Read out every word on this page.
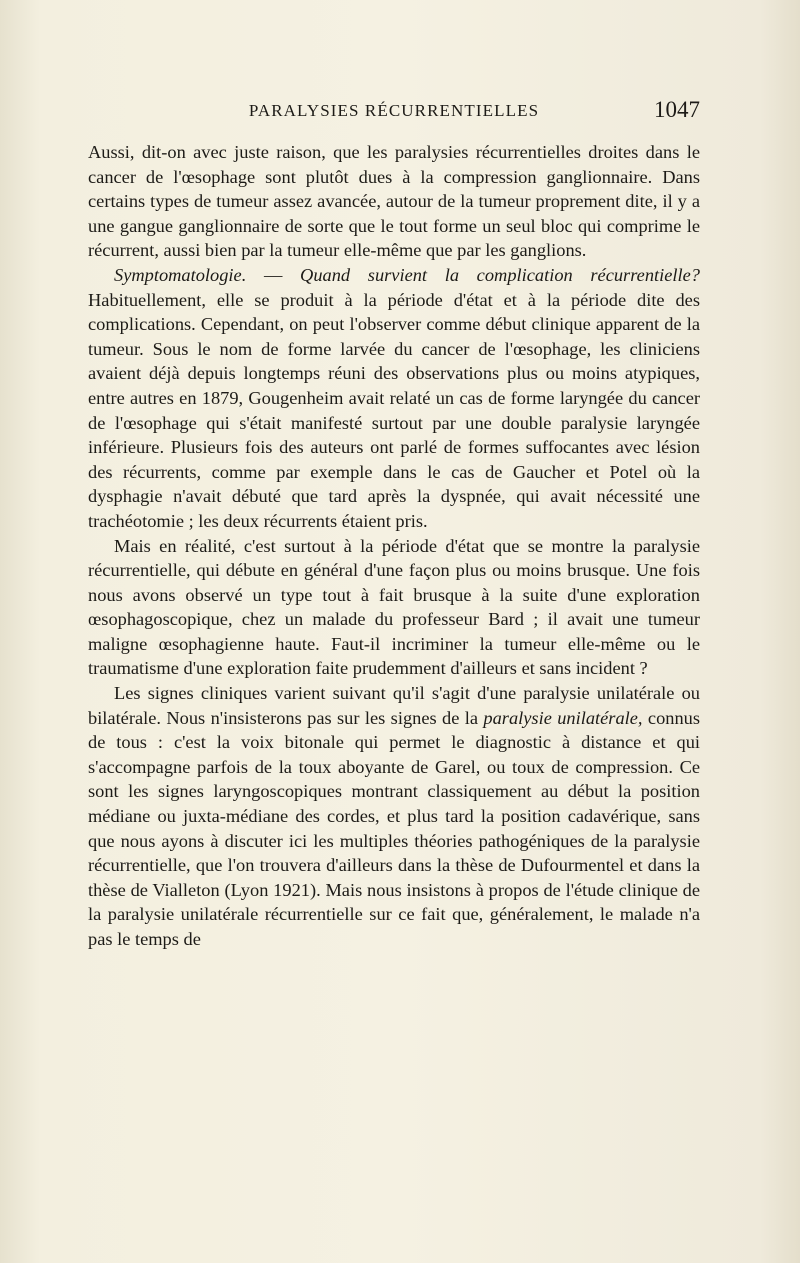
PARALYSIES RÉCURRENTIELLES	1047

Aussi, dit-on avec juste raison, que les paralysies récurrentielles droites dans le cancer de l'œsophage sont plutôt dues à la compression ganglionnaire. Dans certains types de tumeur assez avancée, autour de la tumeur proprement dite, il y a une gangue ganglionnaire de sorte que le tout forme un seul bloc qui comprime le récurrent, aussi bien par la tumeur elle-même que par les ganglions.

Symptomatologie. — Quand survient la complication récurrentielle? Habituellement, elle se produit à la période d'état et à la période dite des complications. Cependant, on peut l'observer comme début clinique apparent de la tumeur. Sous le nom de forme larvée du cancer de l'œsophage, les cliniciens avaient déjà depuis longtemps réuni des observations plus ou moins atypiques, entre autres en 1879, Gougenheim avait relaté un cas de forme laryngée du cancer de l'œsophage qui s'était manifesté surtout par une double paralysie laryngée inférieure. Plusieurs fois des auteurs ont parlé de formes suffocantes avec lésion des récurrents, comme par exemple dans le cas de Gaucher et Potel où la dysphagie n'avait débuté que tard après la dyspnée, qui avait nécessité une trachéotomie ; les deux récurrents étaient pris.

Mais en réalité, c'est surtout à la période d'état que se montre la paralysie récurrentielle, qui débute en général d'une façon plus ou moins brusque. Une fois nous avons observé un type tout à fait brusque à la suite d'une exploration œsophagoscopique, chez un malade du professeur Bard ; il avait une tumeur maligne œsophagienne haute. Faut-il incriminer la tumeur elle-même ou le traumatisme d'une exploration faite prudemment d'ailleurs et sans incident ?

Les signes cliniques varient suivant qu'il s'agit d'une paralysie unilatérale ou bilatérale. Nous n'insisterons pas sur les signes de la paralysie unilatérale, connus de tous : c'est la voix bitonale qui permet le diagnostic à distance et qui s'accompagne parfois de la toux aboyante de Garel, ou toux de compression. Ce sont les signes laryngoscopiques montrant classiquement au début la position médiane ou juxta-médiane des cordes, et plus tard la position cadavérique, sans que nous ayons à discuter ici les multiples théories pathogéniques de la paralysie récurrentielle, que l'on trouvera d'ailleurs dans la thèse de Dufourmentel et dans la thèse de Vialleton (Lyon 1921). Mais nous insistons à propos de l'étude clinique de la paralysie unilatérale récurrentielle sur ce fait que, généralement, le malade n'a pas le temps de
